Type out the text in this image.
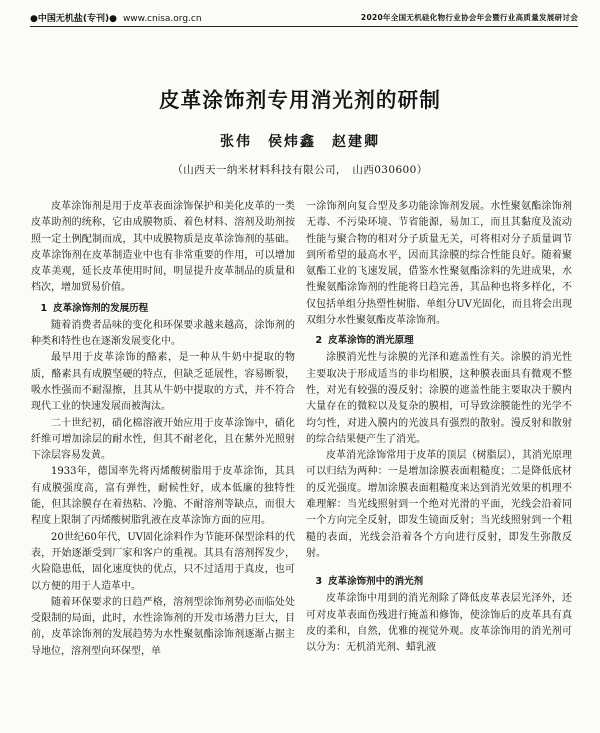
●中国无机盐(专刊)● www.cnisa.org.cn	2020年全国无机硅化物行业协会年会暨行业高质量发展研讨会
皮革涂饰剂专用消光剂的研制
张伟　侯炜鑫　赵建卿
（山西天一纳米材料科技有限公司，　山西030600）

皮革涂饰剂是用于皮革表面涂饰保护和美化皮革的一类皮革助剂的统称，它由成膜物质、着色材料、溶剂及助剂按照一定土例配制而成，其中成膜物质是皮革涂饰剂的基础。皮革涂饰剂在皮革制造业中也有非常重要的作用，可以增加皮革美观，延长皮革使用时间，明显提升皮革制品的质量和档次，增加贸易价值。

1 皮革涂饰剂的发展历程

随着消费者品味的变化和环保要求越来越高，涂饰剂的种类和特性也在逐渐发展变化中。

最早用于皮革涂饰的酪素，是一种从牛奶中提取的物质，酪素具有成膜坚硬的特点，但缺乏延展性，容易断裂，吸水性强而不耐湿擦，且其从牛奶中提取的方式，并不符合现代工业的快速发展而被淘汰。

二十世纪初，硝化棉溶液开始应用于皮革涂饰中，硝化纤维可增加涂层的耐水性，但其不耐老化，且在紫外光照射下涂层容易发黄。

1933年，德国率先将丙烯酸树脂用于皮革涂饰，其具有成膜强度高，富有弹性，耐候性好，成本低廉的独特性能，但其涂膜存在着热粘、冷脆、不耐溶剂等缺点，而很大程度上限制了丙烯酸树脂乳液在皮革涂饰方面的应用。

20世纪60年代，UV固化涂料作为节能环保型涂料的代表，开始逐渐受到厂家和客户的重视。其具有溶剂挥发少，火险隐患低，固化速度快的优点，只不过适用于真皮，也可以方便的用于人造革中。

随着环保要求的日趋严格，溶剂型涂饰剂势必而临处处受限制的局面，此时，水性涂饰剂的开发市场潜力巨大，目前，皮革涂饰剂的发展趋势为水性聚氨酯涂饰剂逐渐占据主导地位，溶剂型向环保型，单

一涂饰剂向复合型及多功能涂饰剂发展。水性聚氨酯涂饰剂无毒、不污染环境、节省能源，易加工，而且其黏度及流动性能与聚合物的相对分子质量无关，可将相对分子质量调节到所希望的最高水平，因而其涂膜的综合性能良好。随着聚氨酯工业的飞速发展，借鉴水性聚氨酯涂料的先进成果，水性聚氨酯涂饰剂的性能将日趋完善，其品种也将多样化，不仅包括单组分热塑性树脂、单组分UV光固化，而且将会出现双组分水性聚氨酯皮革涂饰剂。

2 皮革涂饰的消光原理

涂膜消光性与涂膜的光泽和遮盖性有关。涂膜的消光性主要取决于形成适当的非均相膜，这种膜表面具有微观不整性，对光有较强的漫反射；涂膜的遮盖性能主要取决于膜内大量存在的微粒以及复杂的膜相，可导致涂膜能性的光学不均匀性，对进入膜内的光波具有强烈的散射。漫反射和散射的综合结果便产生了消光。

皮革消光涂饰常用于皮革的顶层（树脂层），其消光原理可以归结为两种：一是增加涂膜表面粗糙度；二是降低底材的反光强度。增加涂膜表面粗糙度来达到消光效果的机理不难理解：当光线照射到一个绝对光滑的平面，光线会沿着同一个方向完全反射，即发生镜面反射；当光线照射到一个粗糙的表面，光线会沿着各个方向进行反射，即发生弥散反射。

3 皮革涂饰剂中的消光剂

皮革涂饰中用到的消光剂除了降低皮革表层光泽外，还可对皮革表面伤残进行掩盖和修饰，使涂饰后的皮革具有真皮的柔和，自然，优雅的视觉外观。皮革涂饰用的消光剂可以分为：无机消光剂、蜡乳液
